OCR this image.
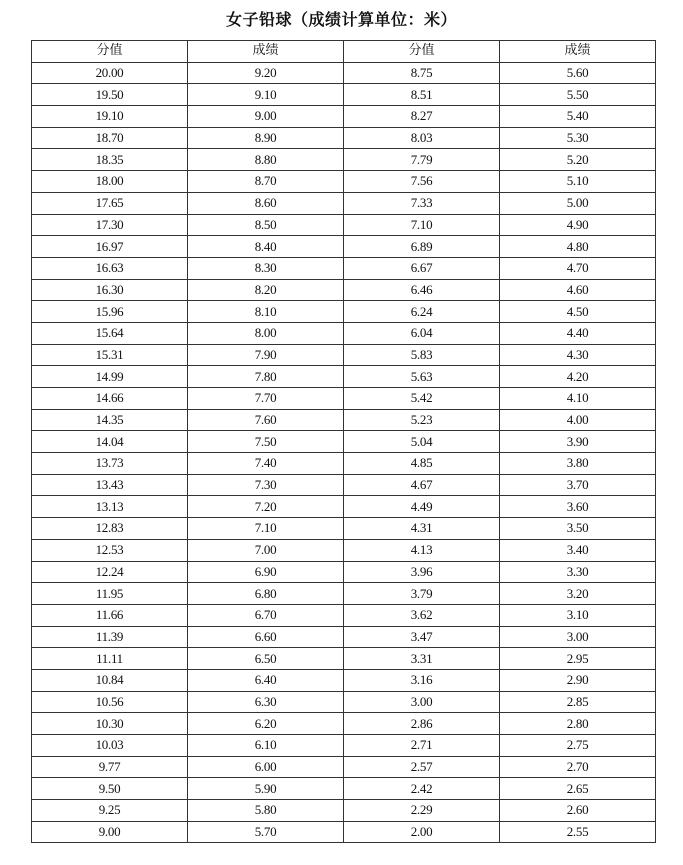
女子铅球（成绩计算单位：米）
分值	成绩	分值	成绩
20.00	9.20	8.75	5.60
19.50	9.10	8.51	5.50
19.10	9.00	8.27	5.40
18.70	8.90	8.03	5.30
18.35	8.80	7.79	5.20
18.00	8.70	7.56	5.10
17.65	8.60	7.33	5.00
17.30	8.50	7.10	4.90
16.97	8.40	6.89	4.80
16.63	8.30	6.67	4.70
16.30	8.20	6.46	4.60
15.96	8.10	6.24	4.50
15.64	8.00	6.04	4.40
15.31	7.90	5.83	4.30
14.99	7.80	5.63	4.20
14.66	7.70	5.42	4.10
14.35	7.60	5.23	4.00
14.04	7.50	5.04	3.90
13.73	7.40	4.85	3.80
13.43	7.30	4.67	3.70
13.13	7.20	4.49	3.60
12.83	7.10	4.31	3.50
12.53	7.00	4.13	3.40
12.24	6.90	3.96	3.30
11.95	6.80	3.79	3.20
11.66	6.70	3.62	3.10
11.39	6.60	3.47	3.00
11.11	6.50	3.31	2.95
10.84	6.40	3.16	2.90
10.56	6.30	3.00	2.85
10.30	6.20	2.86	2.80
10.03	6.10	2.71	2.75
9.77	6.00	2.57	2.70
9.50	5.90	2.42	2.65
9.25	5.80	2.29	2.60
9.00	5.70	2.00	2.55
